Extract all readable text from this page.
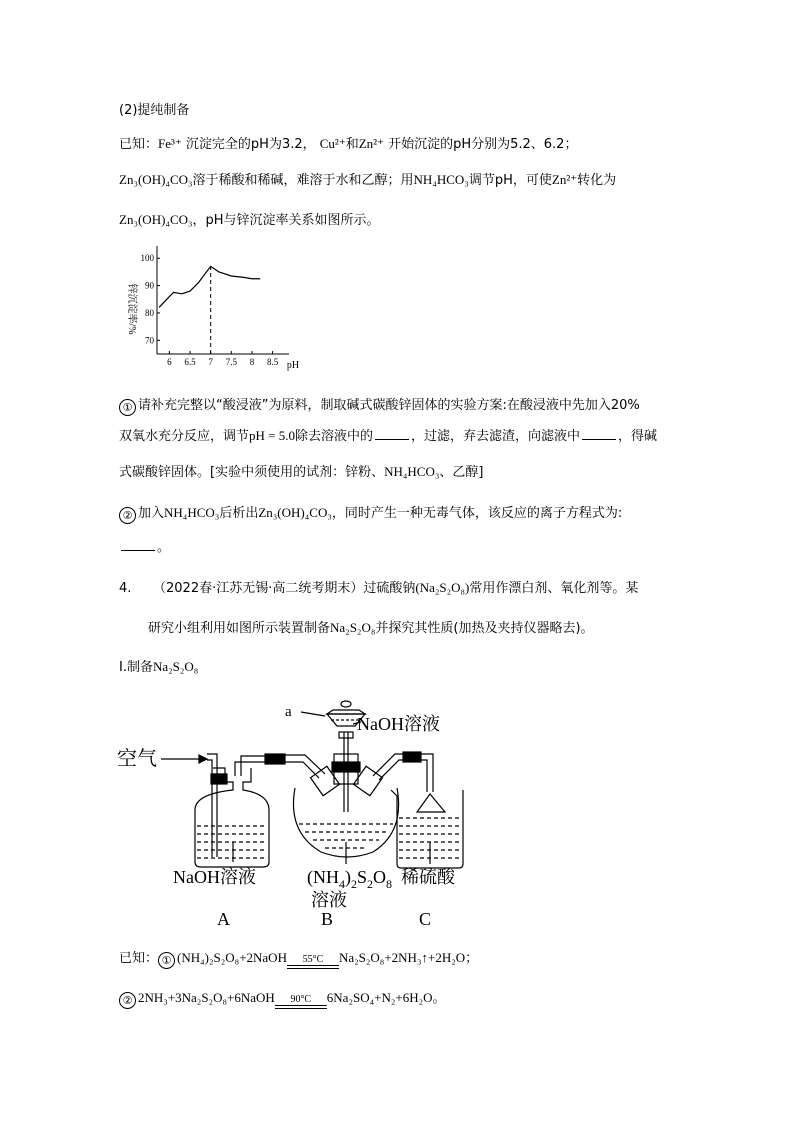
(2)提纯制备
已知：Fe³⁺ 沉淀完全的pH为3.2， Cu²⁺和Zn²⁺ 开始沉淀的pH分别为5.2、6.2；
Zn₃(OH)₄CO₃溶于稀酸和稀碱，难溶于水和乙醇；用NH₄HCO₃调节pH，可使Zn²⁺转化为
Zn₃(OH)₄CO₃，pH与锌沉淀率关系如图所示。
6 6.5 7 7.5 8 8.5
100
90
80
70
锌沉淀率/%
pH
① 请补充完整以“酸浸液”为原料，制取碱式碳酸锌固体的实验方案:在酸浸液中先加入20%
双氧水充分反应，调节pH = 5.0除去溶液中的	，过滤，弃去滤渣，向滤液中	，得碱
式碳酸锌固体。[实验中须使用的试剂：锌粉、NH₄HCO₃、乙醇]
② 加入NH₄HCO₃后析出Zn₃(OH)₄CO₃，同时产生一种无毒气体，该反应的离子方程式为:
。
4. （2022春·江苏无锡·高二统考期末）过硫酸钠(Na₂S₂O₈)常用作漂白剂、氧化剂等。某
研究小组利用如图所示装置制备Na₂S₂O₈并探究其性质(加热及夹持仪器略去)。
Ⅰ.制备Na₂S₂O₈
空气
a
NaOH溶液
NaOH溶液	$(NH_4)_2S_2O_8$
溶液
稀硫酸
A	B	C
已知： ① (NH₄)₂S₂O₈+2NaOH	55°C	Na₂S₂O₈+2NH₃↑+2H₂O；
② 2NH₃+3Na₂S₂O₈+6NaOH	90°C	6Na₂SO₄+N₂+6H₂O。
